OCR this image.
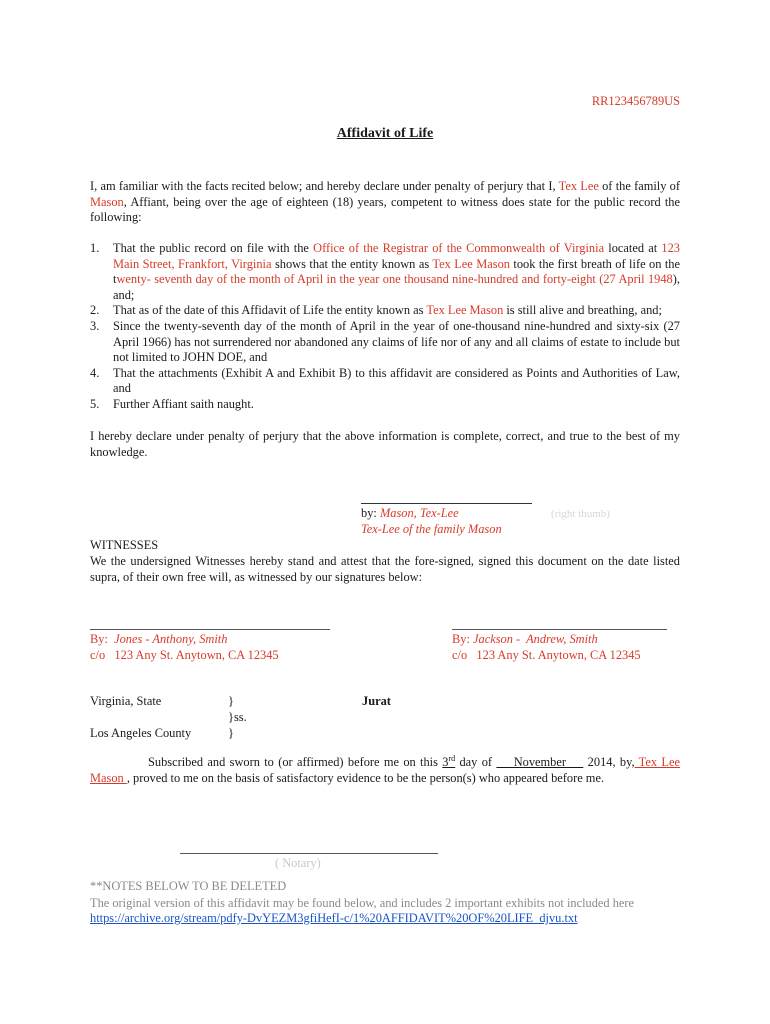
RR123456789US
Affidavit of Life

I, am familiar with the facts recited below; and hereby declare under penalty of perjury that I, Tex Lee of the family of Mason, Affiant, being over the age of eighteen (18) years, competent to witness does state for the public record the following:

1. That the public record on file with the Office of the Registrar of the Commonwealth of Virginia located at 123 Main Street, Frankfort, Virginia shows that the entity known as Tex Lee Mason took the first breath of life on the twenty- seventh day of the month of April in the year one thousand nine-hundred and forty-eight (27 April 1948), and;
2. That as of the date of this Affidavit of Life the entity known as Tex Lee Mason is still alive and breathing, and;
3. Since the twenty-seventh day of the month of April in the year of one-thousand nine-hundred and sixty-six (27 April 1966) has not surrendered nor abandoned any claims of life nor of any and all claims of estate to include but not limited to JOHN DOE, and
4. That the attachments (Exhibit A and Exhibit B) to this affidavit are considered as Points and Authorities of Law, and
5. Further Affiant saith naught.

I hereby declare under penalty of perjury that the above information is complete, correct, and true to the best of my knowledge.

by: Mason, Tex-Lee
Tex-Lee of the family Mason
(right thumb)
WITNESSES

We the undersigned Witnesses hereby stand and attest that the fore-signed, signed this document on the date listed supra, of their own free will, as witnessed by our signatures below:

By:  Jones - Anthony, Smith
c/o   123 Any St. Anytown, CA 12345
By: Jackson -  Andrew, Smith
c/o   123 Any St. Anytown, CA 12345
Virginia, State
Los Angeles County
}
}ss.
}
Jurat

Subscribed and sworn to (or affirmed) before me on this 3rd day of     November     2014, by, Tex Lee Mason , proved to me on the basis of satisfactory evidence to be the person(s) who appeared before me.

( Notary)
**NOTES BELOW TO BE DELETED
The original version of this affidavit may be found below, and includes 2 important exhibits not included here
https://archive.org/stream/pdfy-DvYEZM3gfiHefI-c/1%20AFFIDAVIT%20OF%20LIFE_djvu.txt
